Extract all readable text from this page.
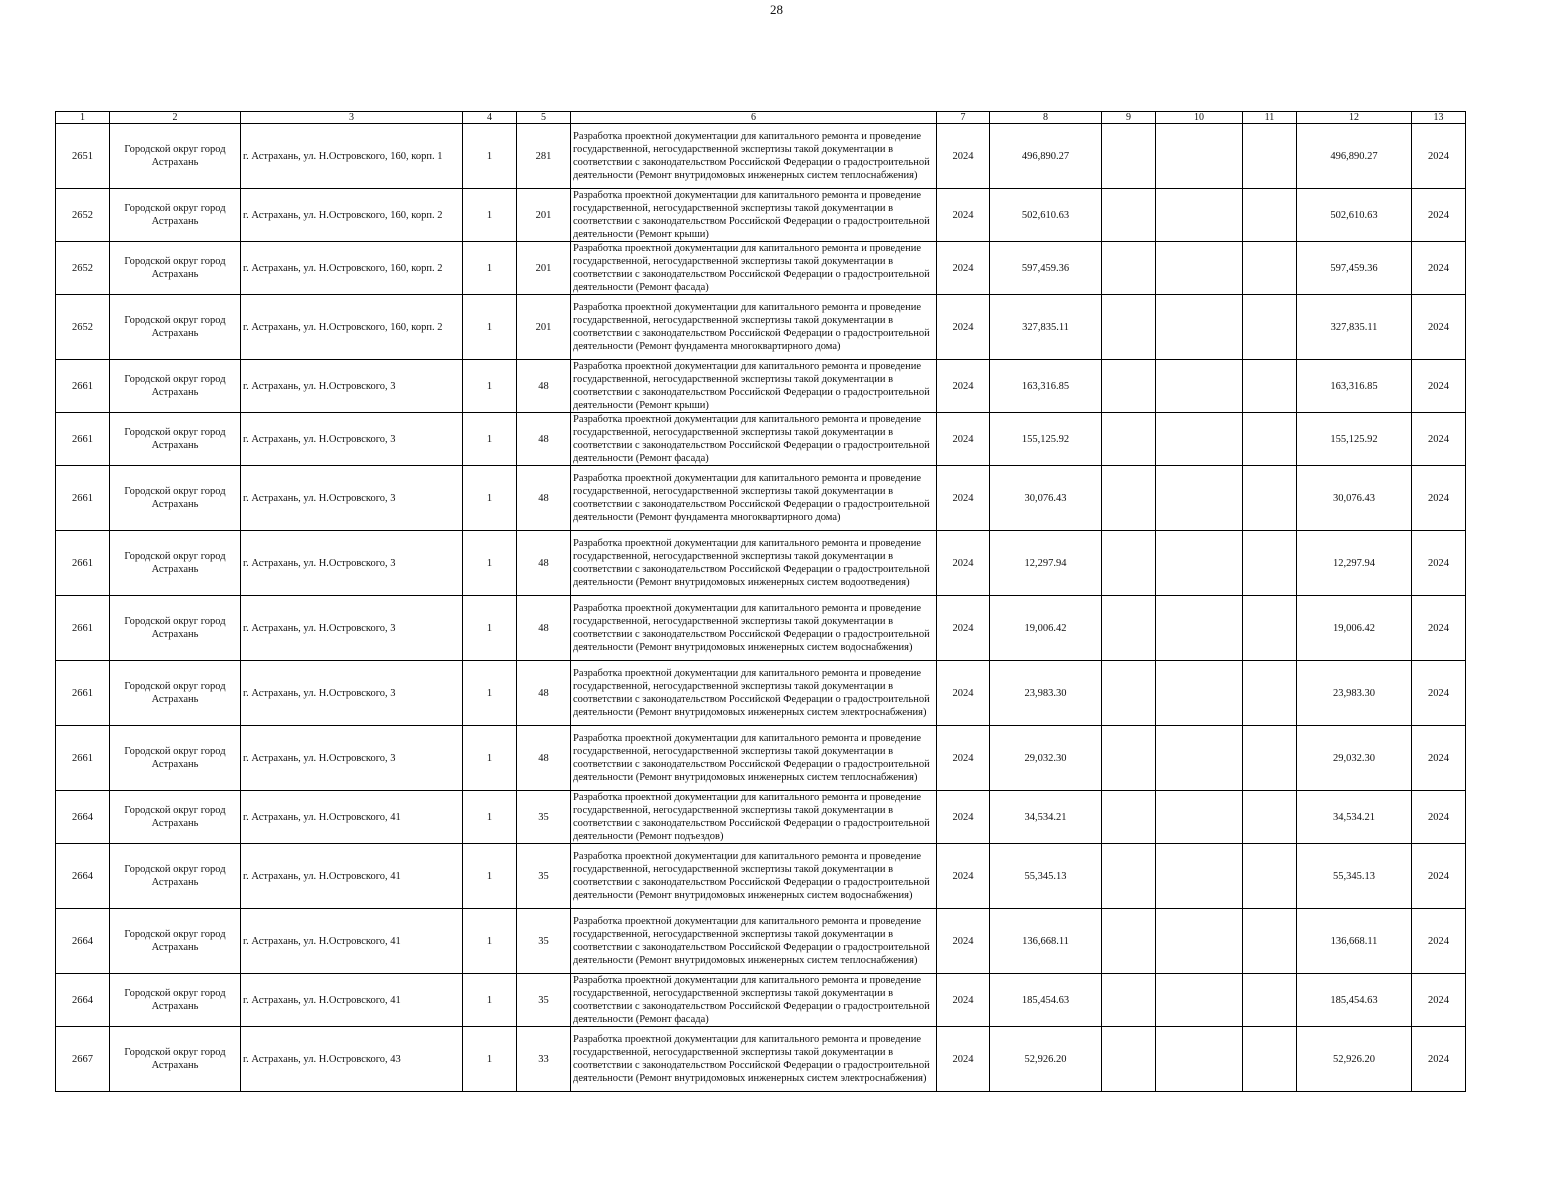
28
1	2	3	4	5	6	7	8	9	10	11	12	13
2651	Городской округ город Астрахань	г. Астрахань, ул. Н.Островского, 160, корп. 1	1	281	Разработка проектной документации для капитального ремонта и проведение государственной, негосударственной экспертизы такой документации в соответствии с законодательством Российской Федерации о градостроительной деятельности (Ремонт внутридомовых инженерных систем теплоснабжения)	2024	496,890.27				496,890.27	2024
2652	Городской округ город Астрахань	г. Астрахань, ул. Н.Островского, 160, корп. 2	1	201	Разработка проектной документации для капитального ремонта и проведение государственной, негосударственной экспертизы такой документации в соответствии с законодательством Российской Федерации о градостроительной деятельности (Ремонт крыши)	2024	502,610.63				502,610.63	2024
2652	Городской округ город Астрахань	г. Астрахань, ул. Н.Островского, 160, корп. 2	1	201	Разработка проектной документации для капитального ремонта и проведение государственной, негосударственной экспертизы такой документации в соответствии с законодательством Российской Федерации о градостроительной деятельности (Ремонт фасада)	2024	597,459.36				597,459.36	2024
2652	Городской округ город Астрахань	г. Астрахань, ул. Н.Островского, 160, корп. 2	1	201	Разработка проектной документации для капитального ремонта и проведение государственной, негосударственной экспертизы такой документации в соответствии с законодательством Российской Федерации о градостроительной деятельности (Ремонт фундамента многоквартирного дома)	2024	327,835.11				327,835.11	2024
2661	Городской округ город Астрахань	г. Астрахань, ул. Н.Островского, 3	1	48	Разработка проектной документации для капитального ремонта и проведение государственной, негосударственной экспертизы такой документации в соответствии с законодательством Российской Федерации о градостроительной деятельности (Ремонт крыши)	2024	163,316.85				163,316.85	2024
2661	Городской округ город Астрахань	г. Астрахань, ул. Н.Островского, 3	1	48	Разработка проектной документации для капитального ремонта и проведение государственной, негосударственной экспертизы такой документации в соответствии с законодательством Российской Федерации о градостроительной деятельности (Ремонт фасада)	2024	155,125.92				155,125.92	2024
2661	Городской округ город Астрахань	г. Астрахань, ул. Н.Островского, 3	1	48	Разработка проектной документации для капитального ремонта и проведение государственной, негосударственной экспертизы такой документации в соответствии с законодательством Российской Федерации о градостроительной деятельности (Ремонт фундамента многоквартирного дома)	2024	30,076.43				30,076.43	2024
2661	Городской округ город Астрахань	г. Астрахань, ул. Н.Островского, 3	1	48	Разработка проектной документации для капитального ремонта и проведение государственной, негосударственной экспертизы такой документации в соответствии с законодательством Российской Федерации о градостроительной деятельности (Ремонт внутридомовых инженерных систем водоотведения)	2024	12,297.94				12,297.94	2024
2661	Городской округ город Астрахань	г. Астрахань, ул. Н.Островского, 3	1	48	Разработка проектной документации для капитального ремонта и проведение государственной, негосударственной экспертизы такой документации в соответствии с законодательством Российской Федерации о градостроительной деятельности (Ремонт внутридомовых инженерных систем водоснабжения)	2024	19,006.42				19,006.42	2024
2661	Городской округ город Астрахань	г. Астрахань, ул. Н.Островского, 3	1	48	Разработка проектной документации для капитального ремонта и проведение государственной, негосударственной экспертизы такой документации в соответствии с законодательством Российской Федерации о градостроительной деятельности (Ремонт внутридомовых инженерных систем электроснабжения)	2024	23,983.30				23,983.30	2024
2661	Городской округ город Астрахань	г. Астрахань, ул. Н.Островского, 3	1	48	Разработка проектной документации для капитального ремонта и проведение государственной, негосударственной экспертизы такой документации в соответствии с законодательством Российской Федерации о градостроительной деятельности (Ремонт внутридомовых инженерных систем теплоснабжения)	2024	29,032.30				29,032.30	2024
2664	Городской округ город Астрахань	г. Астрахань, ул. Н.Островского, 41	1	35	Разработка проектной документации для капитального ремонта и проведение государственной, негосударственной экспертизы такой документации в соответствии с законодательством Российской Федерации о градостроительной деятельности (Ремонт подъездов)	2024	34,534.21				34,534.21	2024
2664	Городской округ город Астрахань	г. Астрахань, ул. Н.Островского, 41	1	35	Разработка проектной документации для капитального ремонта и проведение государственной, негосударственной экспертизы такой документации в соответствии с законодательством Российской Федерации о градостроительной деятельности (Ремонт внутридомовых инженерных систем водоснабжения)	2024	55,345.13				55,345.13	2024
2664	Городской округ город Астрахань	г. Астрахань, ул. Н.Островского, 41	1	35	Разработка проектной документации для капитального ремонта и проведение государственной, негосударственной экспертизы такой документации в соответствии с законодательством Российской Федерации о градостроительной деятельности (Ремонт внутридомовых инженерных систем теплоснабжения)	2024	136,668.11				136,668.11	2024
2664	Городской округ город Астрахань	г. Астрахань, ул. Н.Островского, 41	1	35	Разработка проектной документации для капитального ремонта и проведение государственной, негосударственной экспертизы такой документации в соответствии с законодательством Российской Федерации о градостроительной деятельности (Ремонт фасада)	2024	185,454.63				185,454.63	2024
2667	Городской округ город Астрахань	г. Астрахань, ул. Н.Островского, 43	1	33	Разработка проектной документации для капитального ремонта и проведение государственной, негосударственной экспертизы такой документации в соответствии с законодательством Российской Федерации о градостроительной деятельности (Ремонт внутридомовых инженерных систем электроснабжения)	2024	52,926.20				52,926.20	2024
